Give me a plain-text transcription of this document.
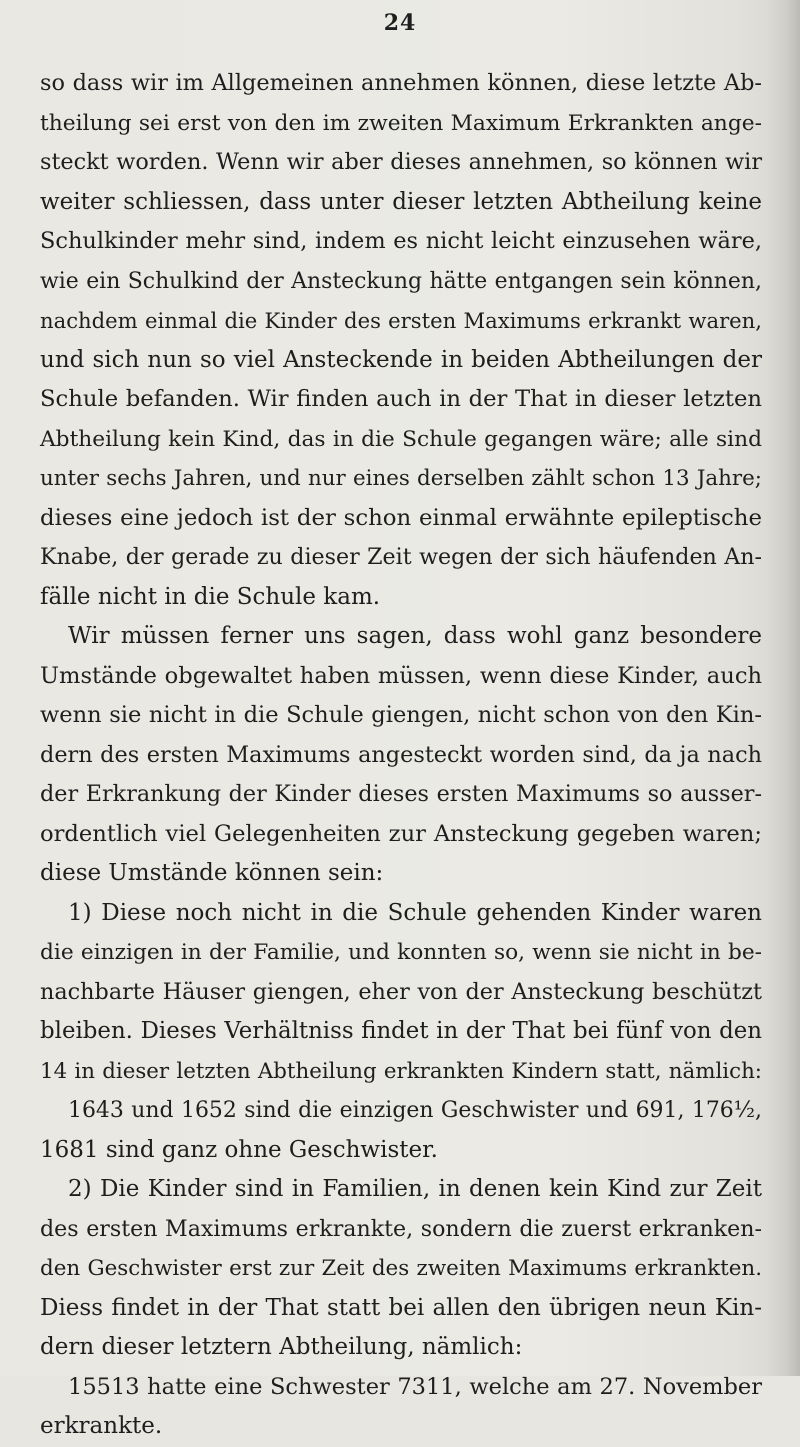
24
so dass wir im Allgemeinen annehmen können, diese letzte Ab-
theilung sei erst von den im zweiten Maximum Erkrankten ange-
steckt worden. Wenn wir aber dieses annehmen, so können wir
weiter schliessen, dass unter dieser letzten Abtheilung keine
Schulkinder mehr sind, indem es nicht leicht einzusehen wäre,
wie ein Schulkind der Ansteckung hätte entgangen sein können,
nachdem einmal die Kinder des ersten Maximums erkrankt waren,
und sich nun so viel Ansteckende in beiden Abtheilungen der
Schule befanden. Wir finden auch in der That in dieser letzten
Abtheilung kein Kind, das in die Schule gegangen wäre; alle sind
unter sechs Jahren, und nur eines derselben zählt schon 13 Jahre;
dieses eine jedoch ist der schon einmal erwähnte epileptische
Knabe, der gerade zu dieser Zeit wegen der sich häufenden An-
fälle nicht in die Schule kam.
Wir müssen ferner uns sagen, dass wohl ganz besondere
Umstände obgewaltet haben müssen, wenn diese Kinder, auch
wenn sie nicht in die Schule giengen, nicht schon von den Kin-
dern des ersten Maximums angesteckt worden sind, da ja nach
der Erkrankung der Kinder dieses ersten Maximums so ausser-
ordentlich viel Gelegenheiten zur Ansteckung gegeben waren;
diese Umstände können sein:
1) Diese noch nicht in die Schule gehenden Kinder waren
die einzigen in der Familie, und konnten so, wenn sie nicht in be-
nachbarte Häuser giengen, eher von der Ansteckung beschützt
bleiben. Dieses Verhältniss findet in der That bei fünf von den
14 in dieser letzten Abtheilung erkrankten Kindern statt, nämlich:
1643 und 1652 sind die einzigen Geschwister und 691, 176½,
1681 sind ganz ohne Geschwister.
2) Die Kinder sind in Familien, in denen kein Kind zur Zeit
des ersten Maximums erkrankte, sondern die zuerst erkranken-
den Geschwister erst zur Zeit des zweiten Maximums erkrankten.
Diess findet in der That statt bei allen den übrigen neun Kin-
dern dieser letztern Abtheilung, nämlich:
15513 hatte eine Schwester 7311, welche am 27. November
erkrankte.
